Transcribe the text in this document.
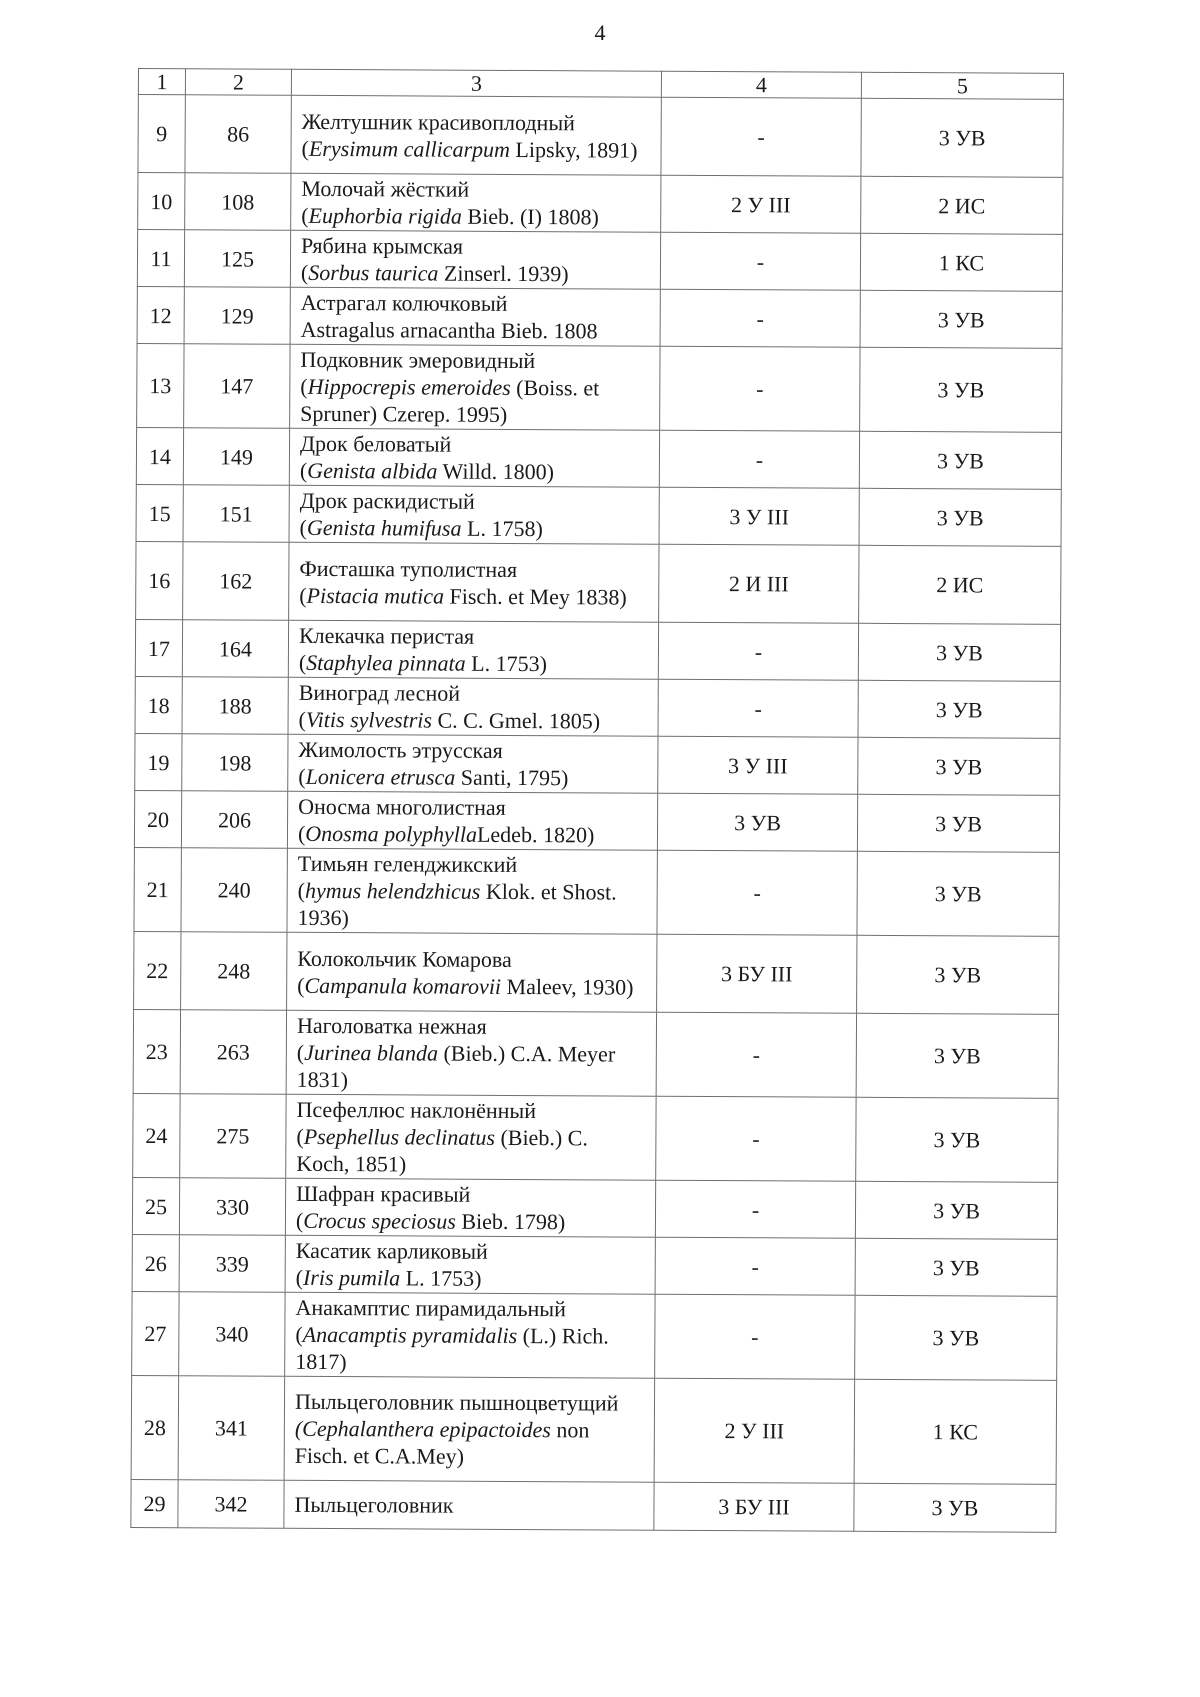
4
1	2	3	4	5
9	86	Желтушник красивоплодный
(Erysimum callicarpum Lipsky, 1891)	-	3 УВ
10	108	Молочай жёсткий
(Euphorbia rigida Bieb. (I) 1808)	2 У III	2 ИС
11	125	Рябина крымская
(Sorbus taurica Zinserl. 1939)	-	1 КС
12	129	Астрагал колючковый
Astragalus arnacantha Bieb. 1808	-	3 УВ
13	147	Подковник эмеровидный
(Hippocrepis emeroides (Boiss. et Spruner) Czerep. 1995)	-	3 УВ
14	149	Дрок беловатый
(Genista albida Willd. 1800)	-	3 УВ
15	151	Дрок раскидистый
(Genista humifusa L. 1758)	3 У III	3 УВ
16	162	Фисташка туполистная
(Pistacia mutica Fisch. et Mey 1838)	2 И III	2 ИС
17	164	Клекачка перистая
(Staphylea pinnata L. 1753)	-	3 УВ
18	188	Виноград лесной
(Vitis sylvestris C. C. Gmel. 1805)	-	3 УВ
19	198	Жимолость этрусская
(Lonicera etrusca Santi, 1795)	3 У III	3 УВ
20	206	Оносма многолистная
(Onosma polyphyllaLedeb. 1820)	3 УВ	3 УВ
21	240	Тимьян геленджикский
(hymus helendzhicus Klok. et Shost. 1936)	-	3 УВ
22	248	Колокольчик Комарова
(Campanula komarovii Maleev, 1930)	3 БУ III	3 УВ
23	263	Наголоватка нежная
(Jurinea blanda (Bieb.) C.A. Meyer 1831)	-	3 УВ
24	275	Псефеллюс наклонённый
(Psephellus declinatus (Bieb.) C. Koch, 1851)	-	3 УВ
25	330	Шафран красивый
(Crocus speciosus Bieb. 1798)	-	3 УВ
26	339	Касатик карликовый
(Iris pumila L. 1753)	-	3 УВ
27	340	Анакамптис пирамидальный
(Anacamptis pyramidalis (L.) Rich. 1817)	-	3 УВ
28	341	Пыльцеголовник пышноцветущий
(Cephalanthera epipactoides non Fisch. et C.A.Mey)	2 У III	1 КС
29	342	Пыльцеголовник	3 БУ III	3 УВ
